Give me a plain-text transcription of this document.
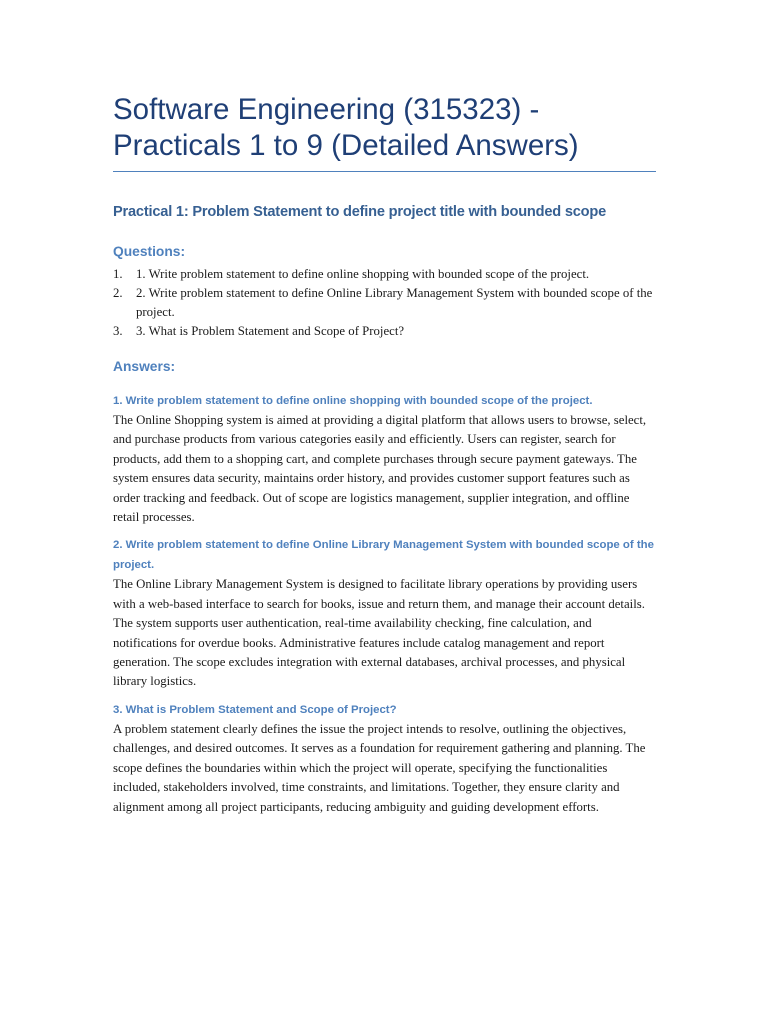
Software Engineering (315323) -
Practicals 1 to 9 (Detailed Answers)
Practical 1: Problem Statement to define project title with bounded scope
Questions:
1. 1. Write problem statement to define online shopping with bounded scope of the project.
2. 2. Write problem statement to define Online Library Management System with bounded scope of the project.
3. 3. What is Problem Statement and Scope of Project?
Answers:
1. Write problem statement to define online shopping with bounded scope of the project.

The Online Shopping system is aimed at providing a digital platform that allows users to browse, select, and purchase products from various categories easily and efficiently. Users can register, search for products, add them to a shopping cart, and complete purchases through secure payment gateways. The system ensures data security, maintains order history, and provides customer support features such as order tracking and feedback. Out of scope are logistics management, supplier integration, and offline retail processes.

2. Write problem statement to define Online Library Management System with bounded scope of the project.

The Online Library Management System is designed to facilitate library operations by providing users with a web-based interface to search for books, issue and return them, and manage their account details. The system supports user authentication, real-time availability checking, fine calculation, and notifications for overdue books. Administrative features include catalog management and report generation. The scope excludes integration with external databases, archival processes, and physical library logistics.

3. What is Problem Statement and Scope of Project?

A problem statement clearly defines the issue the project intends to resolve, outlining the objectives, challenges, and desired outcomes. It serves as a foundation for requirement gathering and planning. The scope defines the boundaries within which the project will operate, specifying the functionalities included, stakeholders involved, time constraints, and limitations. Together, they ensure clarity and alignment among all project participants, reducing ambiguity and guiding development efforts.
